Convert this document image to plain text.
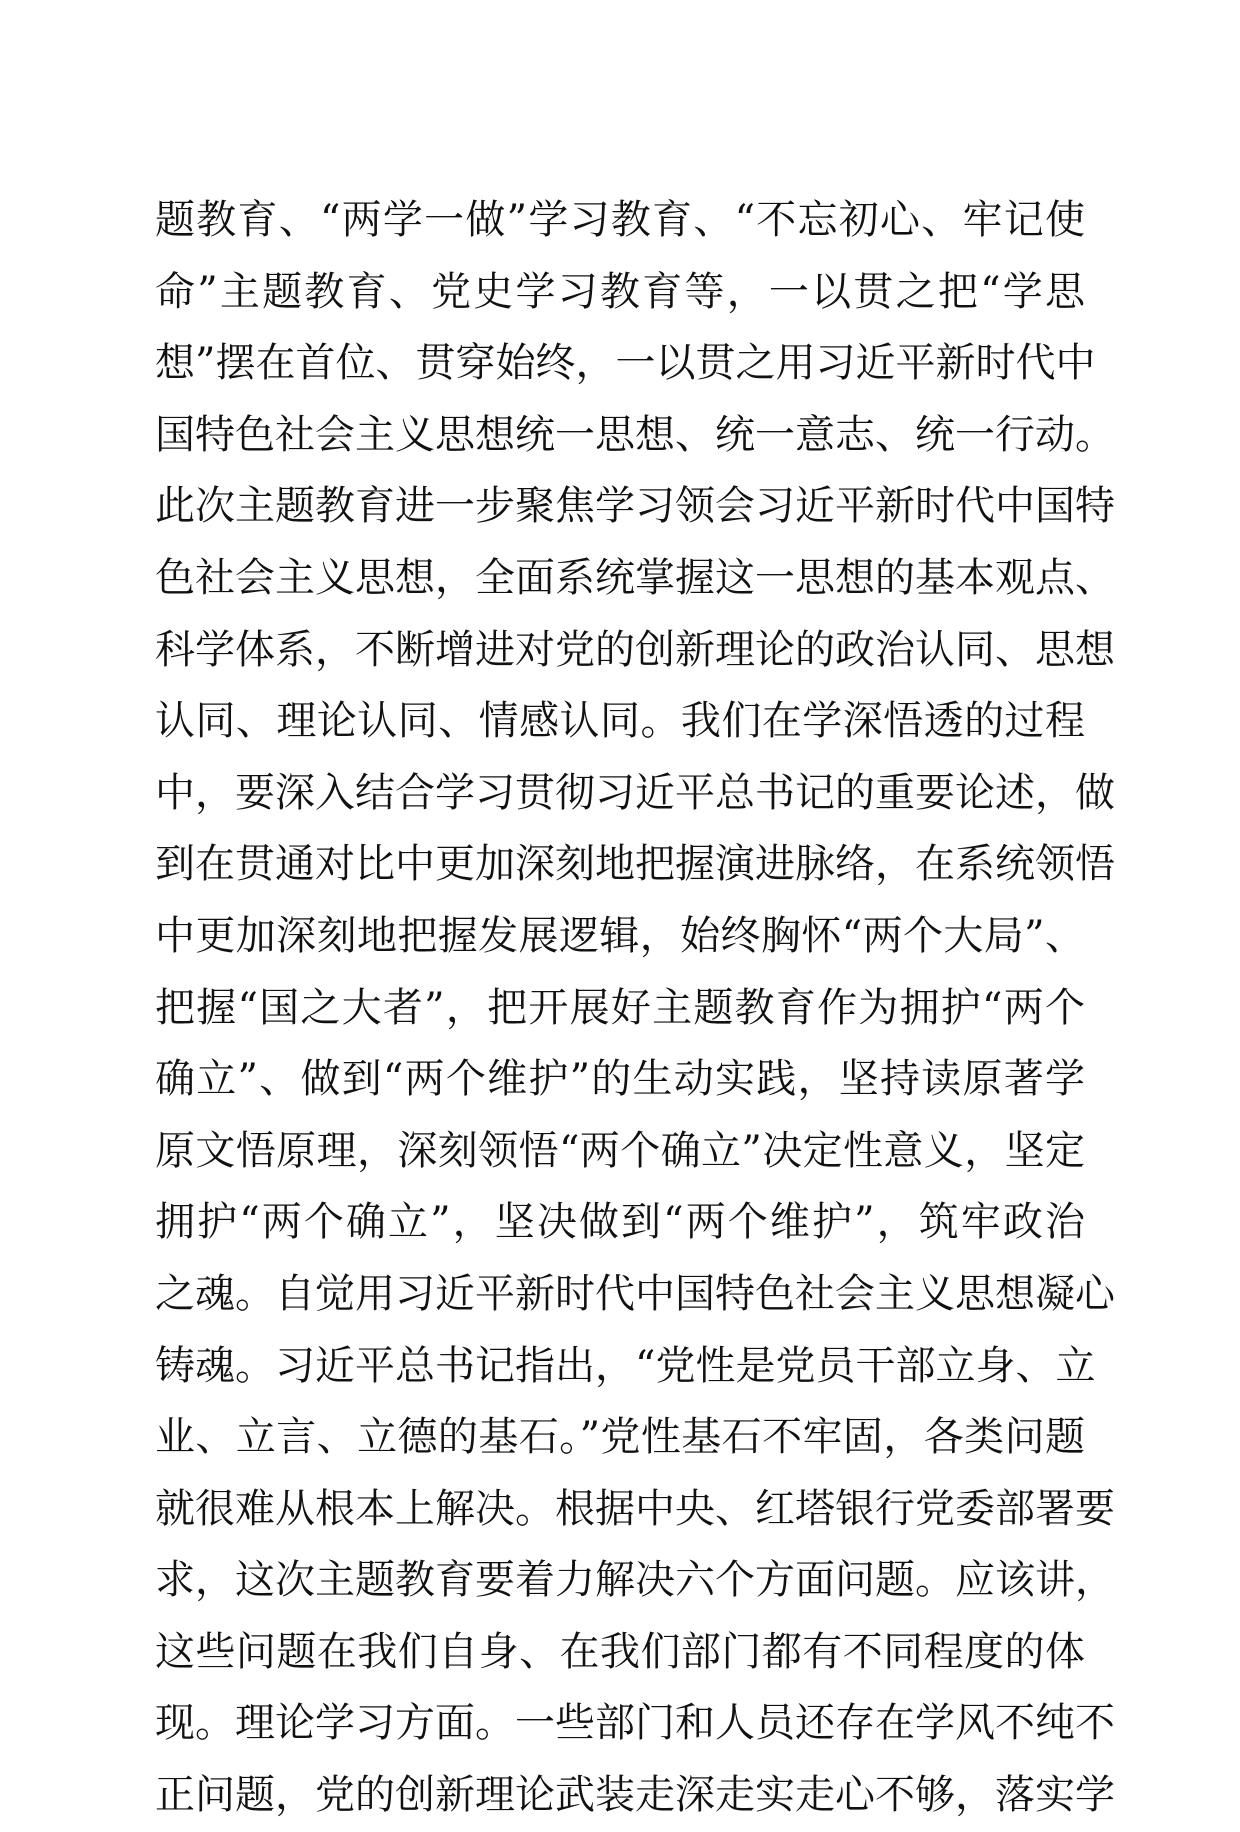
题教育、“两学一做”学习教育、“不忘初心、牢记使
命”主题教育、党史学习教育等，一以贯之把“学思
想”摆在首位、贯穿始终，一以贯之用习近平新时代中
国特色社会主义思想统一思想、统一意志、统一行动。
此次主题教育进一步聚焦学习领会习近平新时代中国特
色社会主义思想，全面系统掌握这一思想的基本观点、
科学体系，不断增进对党的创新理论的政治认同、思想
认同、理论认同、情感认同。我们在学深悟透的过程
中，要深入结合学习贯彻习近平总书记的重要论述，做
到在贯通对比中更加深刻地把握演进脉络，在系统领悟
中更加深刻地把握发展逻辑，始终胸怀“两个大局”、
把握“国之大者”，把开展好主题教育作为拥护“两个
确立”、做到“两个维护”的生动实践，坚持读原著学
原文悟原理，深刻领悟“两个确立”决定性意义，坚定
拥护“两个确立”，坚决做到“两个维护”，筑牢政治
之魂。自觉用习近平新时代中国特色社会主义思想凝心
铸魂。习近平总书记指出，“党性是党员干部立身、立
业、立言、立德的基石。”党性基石不牢固，各类问题
就很难从根本上解决。根据中央、红塔银行党委部署要
求，这次主题教育要着力解决六个方面问题。应该讲，
这些问题在我们自身、在我们部门都有不同程度的体
现。理论学习方面。一些部门和人员还存在学风不纯不
正问题，党的创新理论武装走深走实走心不够，落实学
